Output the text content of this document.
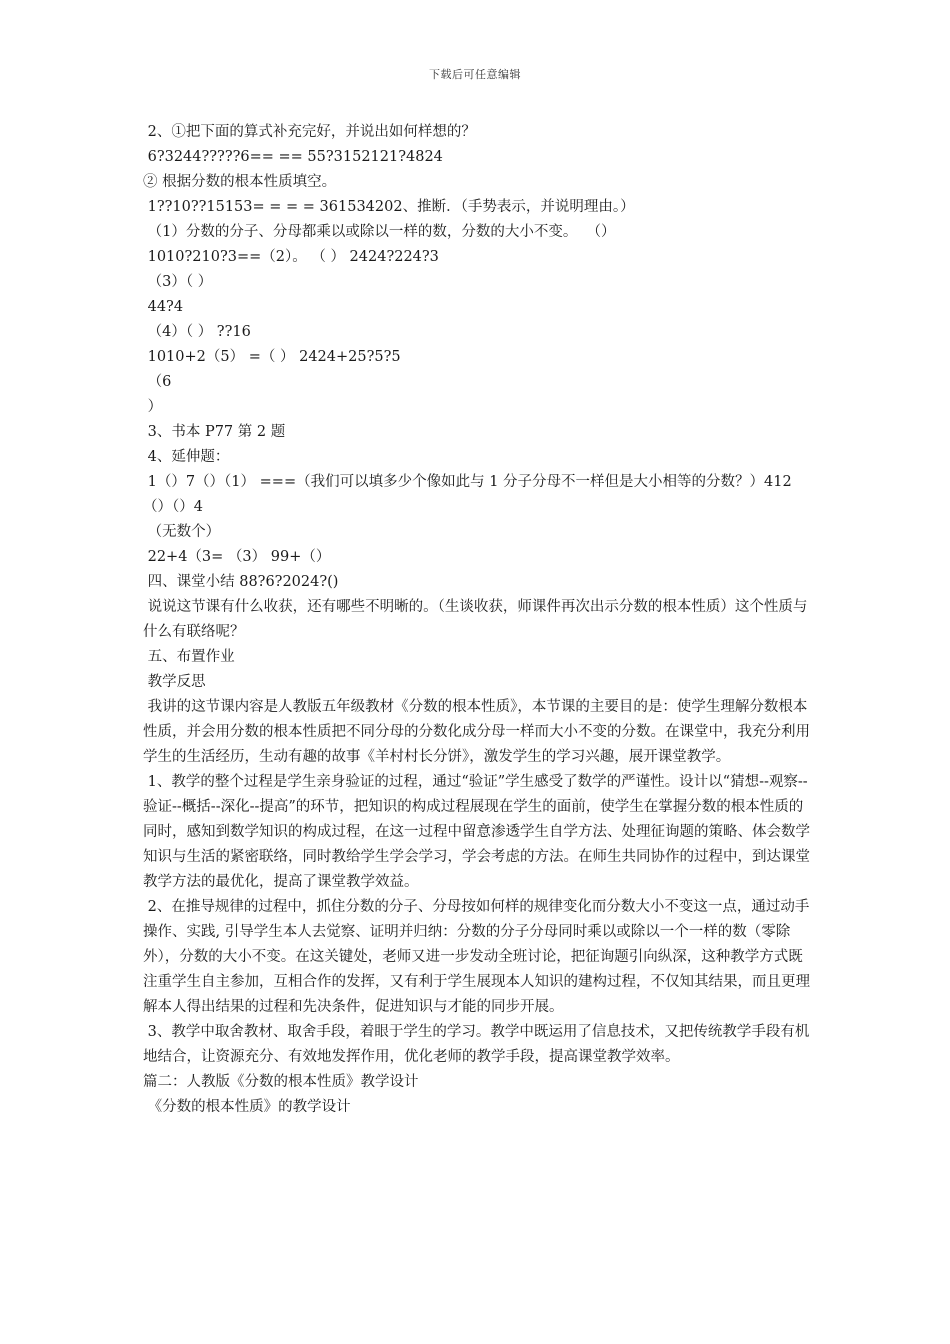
下载后可任意编辑
2、①把下面的算式补充完好，并说出如何样想的？
6?3244?????6== == 55?3152121?4824
② 根据分数的根本性质填空。
1??10??15153= = = = 361534202、推断．（手势表示，并说明理由。）
（1）分数的分子、分母都乘以或除以一样的数，分数的大小不变。  （）
1010?210?3==（2）。 （ ） 2424?224?3
（3）（ ）
44?4
（4）（ ） ??16
1010+2（5） =（ ） 2424+25?5?5
（6
）
3、书本 P77 第 2 题
4、延伸题：
1（）7（）（1） ===（我们可以填多少个像如此与 1 分子分母不一样但是大小相等的分数？）412（）（）4
（无数个）
22+4（3= （3） 99+（）
四、课堂小结 88?6?2024?()
说说这节课有什么收获，还有哪些不明晰的。（生谈收获，师课件再次出示分数的根本性质）这个性质与什么有联络呢？
五、布置作业
教学反思
我讲的这节课内容是人教版五年级教材《分数的根本性质》，本节课的主要目的是：使学生理解分数根本性质，并会用分数的根本性质把不同分母的分数化成分母一样而大小不变的分数。在课堂中，我充分利用学生的生活经历，生动有趣的故事《羊村村长分饼》，激发学生的学习兴趣，展开课堂教学。
1、教学的整个过程是学生亲身验证的过程，通过“验证”学生感受了数学的严谨性。设计以“猜想--观察--验证--概括--深化--提高”的环节，把知识的构成过程展现在学生的面前，使学生在掌握分数的根本性质的同时，感知到数学知识的构成过程，在这一过程中留意渗透学生自学方法、处理征询题的策略、体会数学知识与生活的紧密联络，同时教给学生学会学习，学会考虑的方法。在师生共同协作的过程中，到达课堂教学方法的最优化，提高了课堂教学效益。
2、在推导规律的过程中，抓住分数的分子、分母按如何样的规律变化而分数大小不变这一点，通过动手操作、实践, 引导学生本人去觉察、证明并归纳：分数的分子分母同时乘以或除以一个一样的数（零除外），分数的大小不变。在这关键处，老师又进一步发动全班讨论，把征询题引向纵深，这种教学方式既注重学生自主参加，互相合作的发挥，又有利于学生展现本人知识的建构过程，不仅知其结果，而且更理解本人得出结果的过程和先决条件，促进知识与才能的同步开展。
3、教学中取舍教材、取舍手段，着眼于学生的学习。教学中既运用了信息技术，又把传统教学手段有机地结合，让资源充分、有效地发挥作用，优化老师的教学手段，提高课堂教学效率。
篇二：人教版《分数的根本性质》教学设计
《分数的根本性质》的教学设计
